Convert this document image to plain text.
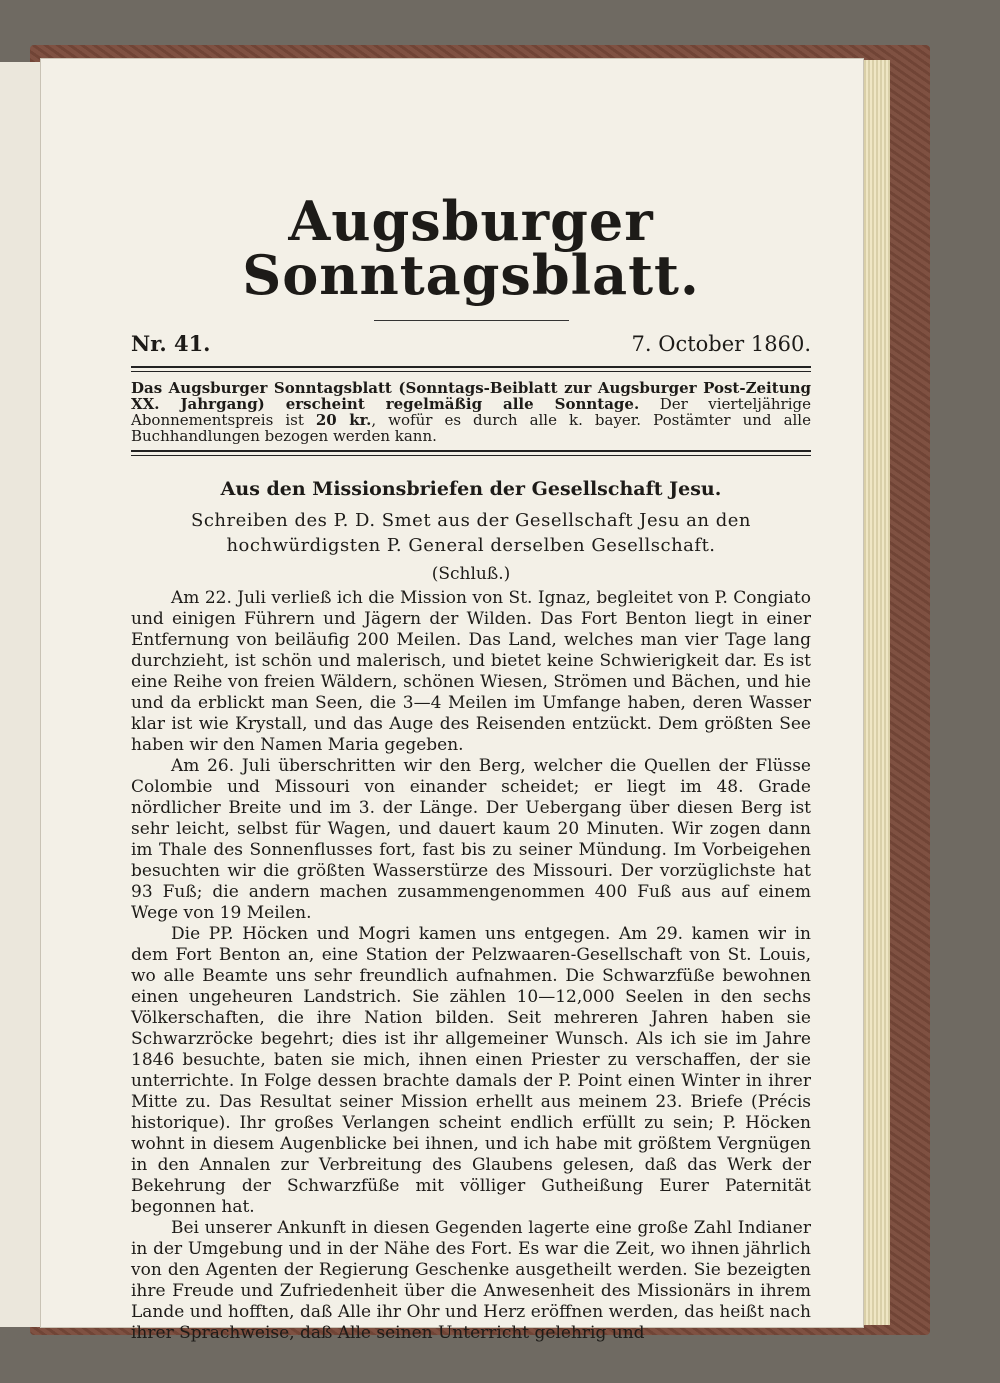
Augsburger Sonntagsblatt.
Nr. 41.	7. October 1860.

Das Augsburger Sonntagsblatt (Sonntags-Beiblatt zur Augsburger Post-Zeitung XX. Jahrgang) erscheint regelmäßig alle Sonntage. Der vierteljährige Abonnementspreis ist 20 kr., wofür es durch alle k. bayer. Postämter und alle Buchhandlungen bezogen werden kann.

Aus den Missionsbriefen der Gesellschaft Jesu.
Schreiben des P. D. Smet aus der Gesellschaft Jesu an den hochwürdigsten P. General derselben Gesellschaft.
(Schluß.)

Am 22. Juli verließ ich die Mission von St. Ignaz, begleitet von P. Congiato und einigen Führern und Jägern der Wilden. Das Fort Benton liegt in einer Entfernung von beiläufig 200 Meilen. Das Land, welches man vier Tage lang durchzieht, ist schön und malerisch, und bietet keine Schwierigkeit dar. Es ist eine Reihe von freien Wäldern, schönen Wiesen, Strömen und Bächen, und hie und da erblickt man Seen, die 3—4 Meilen im Umfange haben, deren Wasser klar ist wie Krystall, und das Auge des Reisenden entzückt. Dem größten See haben wir den Namen Maria gegeben.

Am 26. Juli überschritten wir den Berg, welcher die Quellen der Flüsse Colombie und Missouri von einander scheidet; er liegt im 48. Grade nördlicher Breite und im 3. der Länge. Der Uebergang über diesen Berg ist sehr leicht, selbst für Wagen, und dauert kaum 20 Minuten. Wir zogen dann im Thale des Sonnenflusses fort, fast bis zu seiner Mündung. Im Vorbeigehen besuchten wir die größten Wasserstürze des Missouri. Der vorzüglichste hat 93 Fuß; die andern machen zusammengenommen 400 Fuß aus auf einem Wege von 19 Meilen.

Die PP. Höcken und Mogri kamen uns entgegen. Am 29. kamen wir in dem Fort Benton an, eine Station der Pelzwaaren-Gesellschaft von St. Louis, wo alle Beamte uns sehr freundlich aufnahmen. Die Schwarzfüße bewohnen einen ungeheuren Landstrich. Sie zählen 10—12,000 Seelen in den sechs Völkerschaften, die ihre Nation bilden. Seit mehreren Jahren haben sie Schwarzröcke begehrt; dies ist ihr allgemeiner Wunsch. Als ich sie im Jahre 1846 besuchte, baten sie mich, ihnen einen Priester zu verschaffen, der sie unterrichte. In Folge dessen brachte damals der P. Point einen Winter in ihrer Mitte zu. Das Resultat seiner Mission erhellt aus meinem 23. Briefe (Précis historique). Ihr großes Verlangen scheint endlich erfüllt zu sein; P. Höcken wohnt in diesem Augenblicke bei ihnen, und ich habe mit größtem Vergnügen in den Annalen zur Verbreitung des Glaubens gelesen, daß das Werk der Bekehrung der Schwarzfüße mit völliger Gutheißung Eurer Paternität begonnen hat.

Bei unserer Ankunft in diesen Gegenden lagerte eine große Zahl Indianer in der Umgebung und in der Nähe des Fort. Es war die Zeit, wo ihnen jährlich von den Agenten der Regierung Geschenke ausgetheilt werden. Sie bezeigten ihre Freude und Zufriedenheit über die Anwesenheit des Missionärs in ihrem Lande und hofften, daß Alle ihr Ohr und Herz eröffnen werden, das heißt nach ihrer Sprachweise, daß Alle seinen Unterricht gelehrig und
